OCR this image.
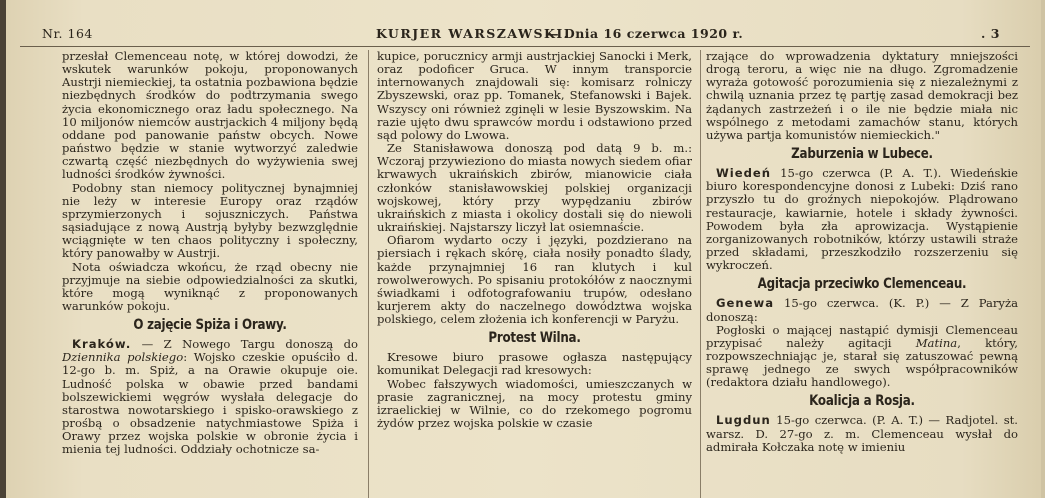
Nr. 164	KURJER WARSZAWSKI.
— Dnia 16 czerwca 1920 r.	. 3

przesłał Clemenceau notę, w której dowodzi, że wskutek warunków pokoju, proponowanych Austrji niemieckiej, ta ostatnia pozbawiona będzie niezbędnych środków do podtrzymania swego życia ekonomicznego oraz ładu społecznego. Na 10 miljonów niemców austrjackich 4 miljony będą oddane pod panowanie państw obcych. Nowe państwo będzie w stanie wytworzyć zaledwie czwartą część niezbędnych do wyżywienia swej ludności środków żywności.

Podobny stan niemocy politycznej bynajmniej nie leży w interesie Europy oraz rządów sprzymierzonych i sojuszniczych. Państwa sąsiadujące z nową Austrją byłyby bezwzględnie wciągnięte w ten chaos polityczny i społeczny, który panowałby w Austrji.

Nota oświadcza wkońcu, że rząd obecny nie przyjmuje na siebie odpowiedzialności za skutki, które mogą wyniknąć z proponowanych warunków pokoju.

O zajęcie Spiża i Orawy.

Kraków. — Z Nowego Targu donoszą do Dziennika polskiego: Wojsko czeskie opuściło d. 12-go b. m. Spiż, a na Orawie okupuje oie. Ludność polska w obawie przed bandami bolszewickiemi węgrów wysłała delegacje do starostwa nowotarskiego i spisko-orawskiego z prośbą o obsadzenie natychmiastowe Spiża i Orawy przez wojska polskie w obronie życia i mienia tej ludności. Oddziały ochotnicze sa-

kupice, porucznicy armji austrjackiej Sanocki i Merk, oraz podoficer Gruca. W innym transporcie internowanych znajdowali się: komisarz rolniczy Zbyszewski, oraz pp. Tomanek, Stefanowski i Bajek. Wszyscy oni również zginęli w lesie Byszowskim. Na razie ujęto dwu sprawców mordu i odstawiono przed sąd polowy do Lwowa.

Ze Stanisławowa donoszą pod datą 9 b. m.: Wczoraj przywieziono do miasta nowych siedem ofiar krwawych ukraińskich zbirów, mianowicie ciała członków stanisławowskiej polskiej organizacji wojskowej, który przy wypędzaniu zbirów ukraińskich z miasta i okolicy dostali się do niewoli ukraińskiej. Najstarszy liczył lat osiemnaście.

Ofiarom wydarto oczy i języki, pozdzierano na piersiach i rękach skórę, ciała nosiły ponadto ślady, każde przynajmniej 16 ran klutych i kul rowolwerowych. Po spisaniu protokółów z naocznymi świadkami i odfotografowaniu trupów, odesłano kurjerem akty do naczelnego dowództwa wojska polskiego, celem złożenia ich konferencji w Paryżu.

Protest Wilna.

Kresowe biuro prasowe ogłasza następujący komunikat Delegacji rad kresowych:

Wobec fałszywych wiadomości, umieszczanych w prasie zagranicznej, na mocy protestu gminy izraelickiej w Wilnie, co do rzekomego pogromu żydów przez wojska polskie w czasie

rzające do wprowadzenia dyktatury mniejszości drogą teroru, a więc nie na długo. Zgromadzenie wyraża gotowość porozumienia się z niezależnymi z chwilą uznania przez tę partję zasad demokracji bez żądanych zastrzeżeń i o ile nie będzie miała nic wspólnego z metodami zamachów stanu, których używa partja komunistów niemieckich."

Zaburzenia w Lubece.

Wiedeń 15-go czerwca (P. A. T.). Wiedeńskie biuro korespondencyjne donosi z Lubeki: Dziś rano przyszło tu do groźnych niepokojów. Plądrowano restauracje, kawiarnie, hotele i składy żywności. Powodem była zła aprowizacja. Wystąpienie zorganizowanych robotników, którzy ustawili straże przed składami, przeszkodziło rozszerzeniu się wykroczeń.

Agitacja przeciwko Clemenceau.

Genewa 15-go czerwca. (K. P.) — Z Paryża donoszą:

Pogłoski o mającej nastąpić dymisji Clemenceau przypisać należy agitacji Matina, który, rozpowszechniając je, starał się zatuszować pewną sprawę jednego ze swych współpracowników (redaktora działu handlowego).

Koalicja a Rosja.

Lugdun 15-go czerwca. (P. A. T.) — Radjotel. st. warsz. D. 27-go z. m. Clemenceau wysłał do admirała Kołczaka notę w imieniu
